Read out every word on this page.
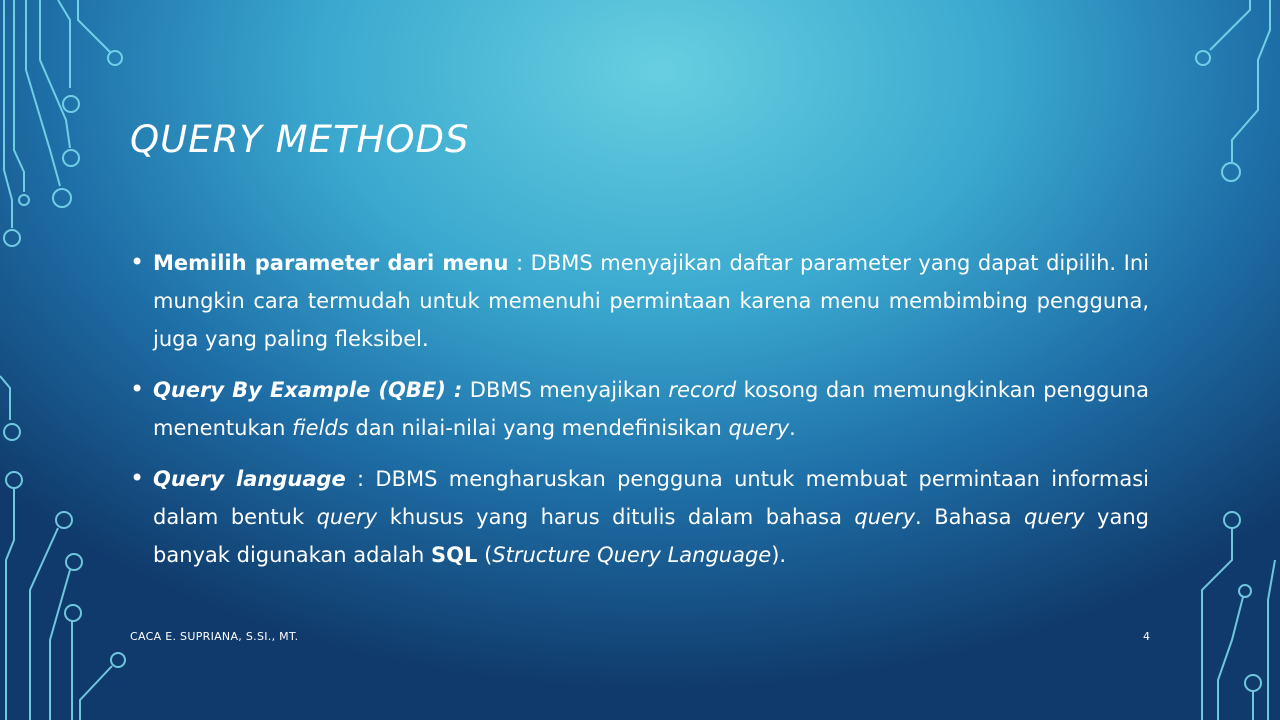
QUERY METHODS
• Memilih parameter dari menu : DBMS menyajikan daftar parameter yang dapat dipilih. Ini mungkin cara termudah untuk memenuhi permintaan karena menu membimbing pengguna, juga yang paling fleksibel.
• Query By Example (QBE) : DBMS menyajikan record kosong dan memungkinkan pengguna menentukan fields dan nilai-nilai yang mendefinisikan query.
• Query language : DBMS mengharuskan pengguna untuk membuat permintaan informasi dalam bentuk query khusus yang harus ditulis dalam bahasa query. Bahasa query yang banyak digunakan adalah SQL (Structure Query Language).
CACA E. SUPRIANA, S.SI., MT.	4
